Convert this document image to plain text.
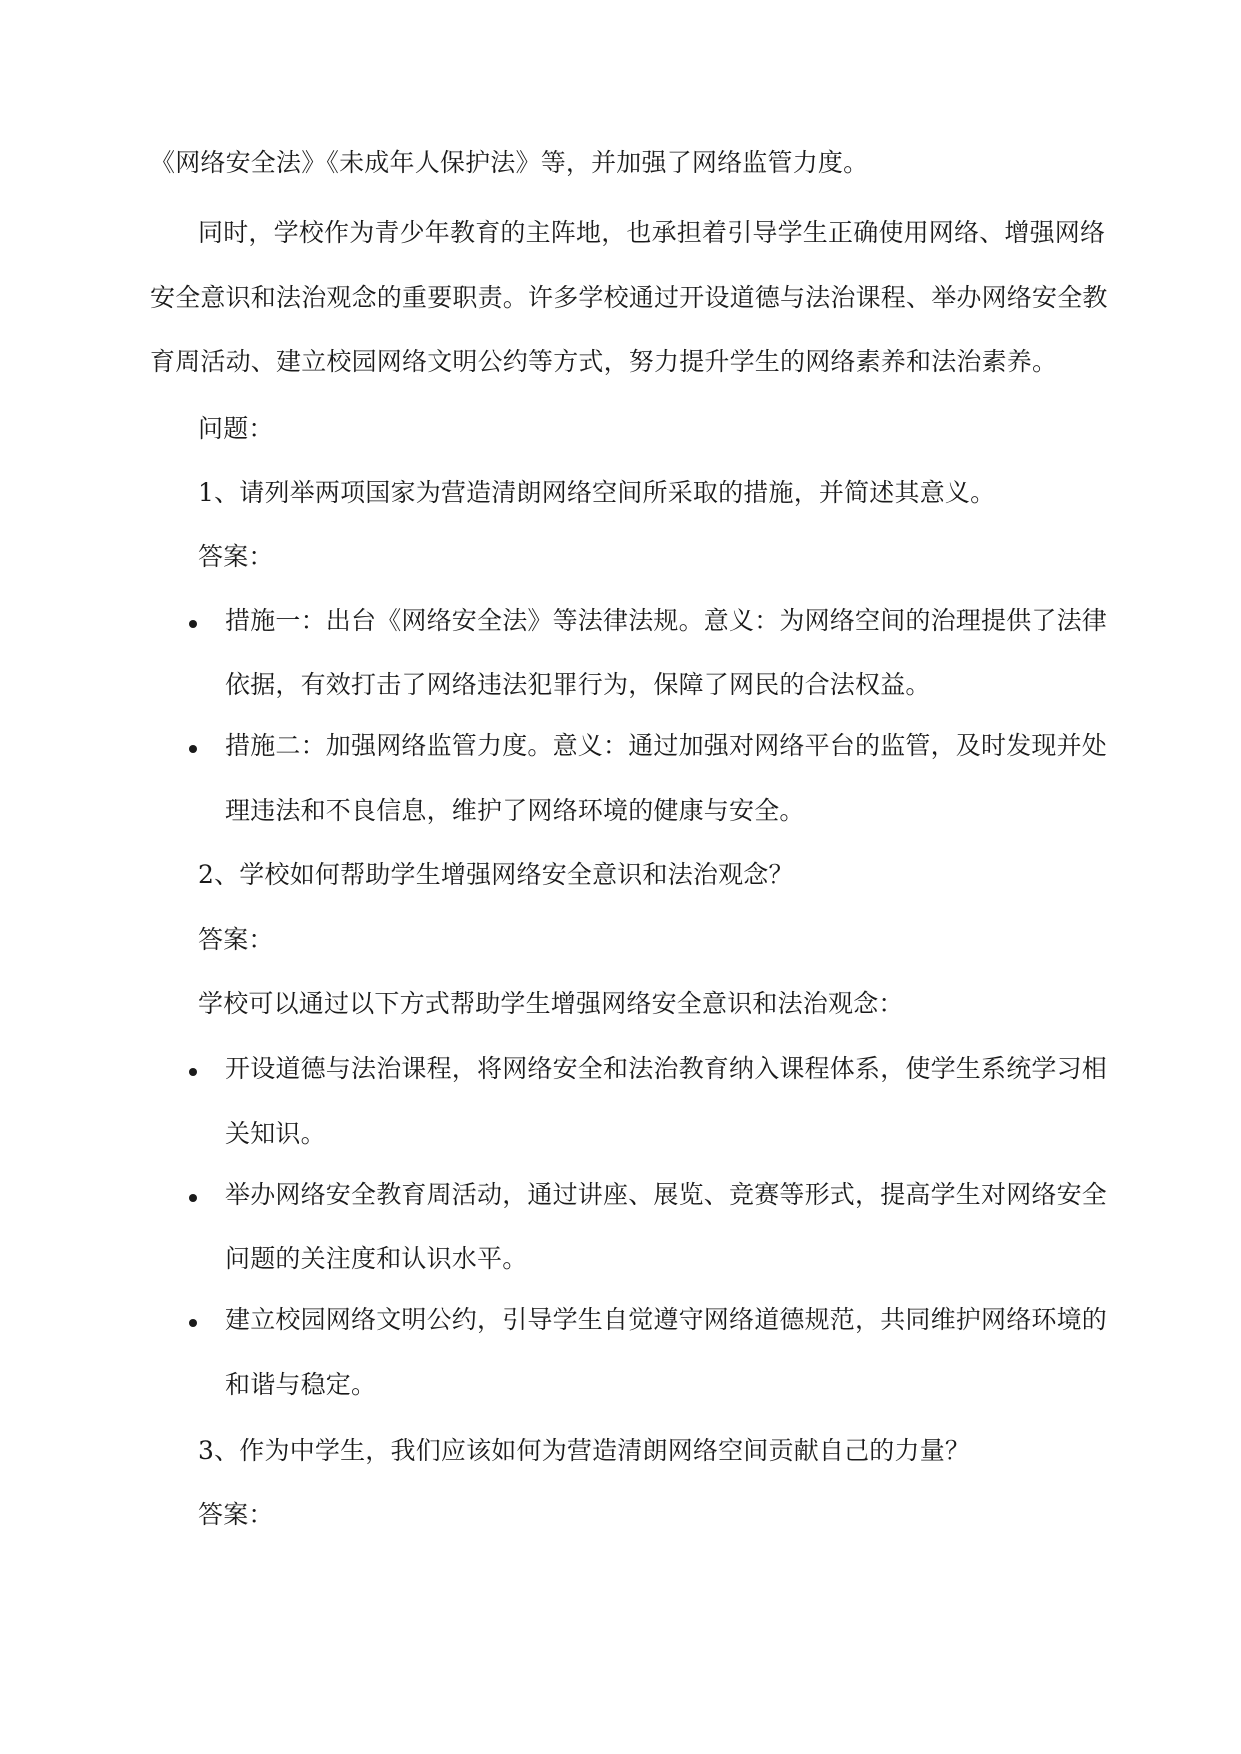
《网络安全法》《未成年人保护法》等，并加强了网络监管力度。
同时，学校作为青少年教育的主阵地，也承担着引导学生正确使用网络、增强网络
安全意识和法治观念的重要职责。许多学校通过开设道德与法治课程、举办网络安全教
育周活动、建立校园网络文明公约等方式，努力提升学生的网络素养和法治素养。
问题：
1、请列举两项国家为营造清朗网络空间所采取的措施，并简述其意义。
答案：
措施一：出台《网络安全法》等法律法规。意义：为网络空间的治理提供了法律
依据，有效打击了网络违法犯罪行为，保障了网民的合法权益。
措施二：加强网络监管力度。意义：通过加强对网络平台的监管，及时发现并处
理违法和不良信息，维护了网络环境的健康与安全。
2、学校如何帮助学生增强网络安全意识和法治观念？
答案：
学校可以通过以下方式帮助学生增强网络安全意识和法治观念：
开设道德与法治课程，将网络安全和法治教育纳入课程体系，使学生系统学习相
关知识。
举办网络安全教育周活动，通过讲座、展览、竞赛等形式，提高学生对网络安全
问题的关注度和认识水平。
建立校园网络文明公约，引导学生自觉遵守网络道德规范，共同维护网络环境的
和谐与稳定。
3、作为中学生，我们应该如何为营造清朗网络空间贡献自己的力量？
答案：
